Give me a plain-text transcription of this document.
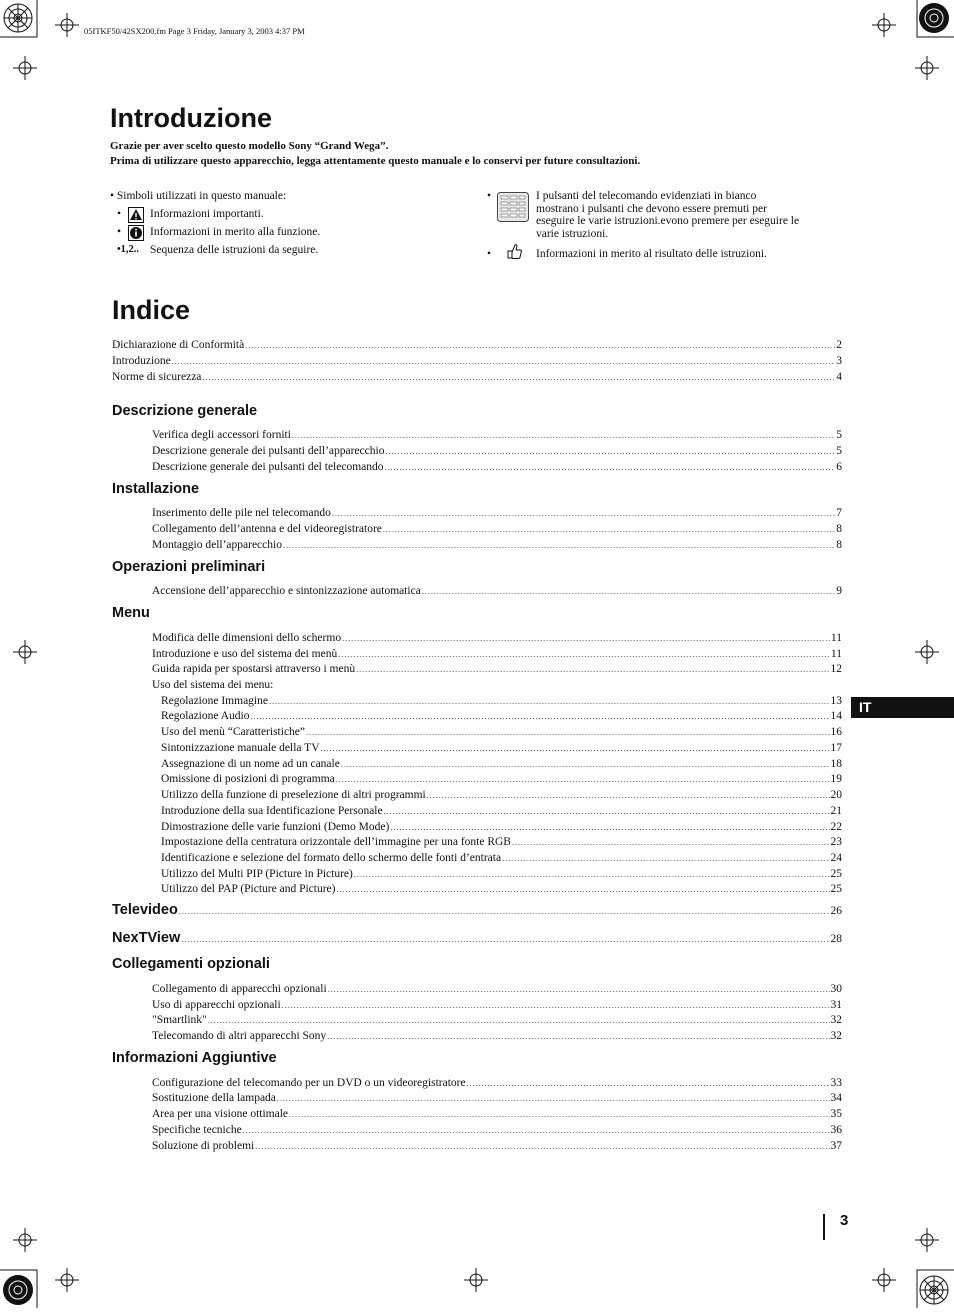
05ITKF50/42SX200.fm Page 3 Friday, January 3, 2003 4:37 PM
Introduzione
Grazie per aver scelto questo modello Sony “Grand Wega”.
Prima di utilizzare questo apparecchio, legga attentamente questo manuale e lo conservi per future consultazioni.
• Simboli utilizzati in questo manuale:
•	Informazioni importanti.
•	Informazioni in merito alla funzione.
•1,2.. Sequenza delle istruzioni da seguire.
•	I pulsanti del telecomando evidenziati in bianco
mostrano i pulsanti che devono essere premuti per
eseguire le varie istruzioni.evono premere per eseguire le
varie istruzioni.
•	Informazioni in merito al risultato delle istruzioni.
Indice
Dichiarazione di Conformità .....	2
Introduzione .....	3
Norme di sicurezza .....	4
Descrizione generale
Verifica degli accessori forniti .....	5
Descrizione generale dei pulsanti dell’apparecchio .....	5
Descrizione generale dei pulsanti del telecomando .....	6
Installazione
Inserimento delle pile nel telecomando .....	7
Collegamento dell’antenna e del videoregistratore .....	8
Montaggio dell’apparecchio .....	8
Operazioni preliminari
Accensione dell’apparecchio e sintonizzazione automatica .....	9
Menu
Modifica delle dimensioni dello schermo .....	11
Introduzione e uso del sistema dei menù .....	11
Guida rapida per spostarsi attraverso i menù .....	12
Uso del sistema dei menu:
Regolazione Immagine .....	13
Regolazione Audio .....	14
Uso del menù “Caratteristiche” .....	16
Sintonizzazione manuale della TV .....	17
Assegnazione di un nome ad un canale .....	18
Omissione di posizioni di programma .....	19
Utilizzo della funzione di preselezione di altri programmi .....	20
Introduzione della sua Identificazione Personale .....	21
Dimostrazione delle varie funzioni (Demo Mode) .....	22
Impostazione della centratura orizzontale dell’immagine per una fonte RGB .....	23
Identificazione e selezione del formato dello schermo delle fonti d’entrata .....	24
Utilizzo del Multi PIP (Picture in Picture) .....	25
Utilizzo del PAP (Picture and Picture) .....	25
Televideo .....	26
NexTView .....	28
Collegamenti opzionali
Collegamento di apparecchi opzionali .....	30
Uso di apparecchi opzionali .....	31
"Smartlink" .....	32
Telecomando di altri apparecchi Sony .....	32
Informazioni Aggiuntive
Configurazione del telecomando per un DVD o un videoregistratore .....	33
Sostituzione della lampada .....	34
Area per una visione ottimale .....	35
Specifiche tecniche .....	36
Soluzione di problemi .....	37
IT
3
